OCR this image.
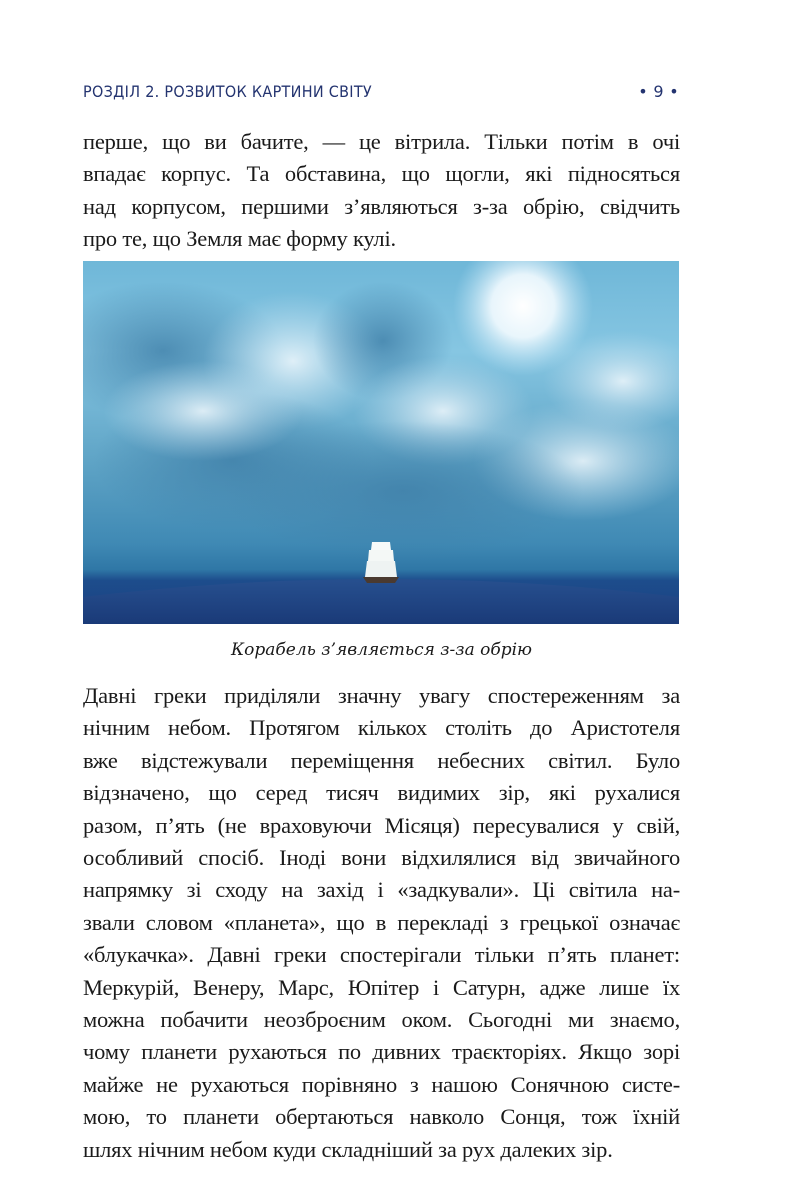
РОЗДІЛ 2. РОЗВИТОК КАРТИНИ СВІТУ	• 9 •

перше, що ви бачите, — це вітрила. Тільки потім в очі
впадає корпус. Та обставина, що щогли, які підносяться
над корпусом, першими з’являються з-за обрію, свідчить
про те, що Земля має форму кулі.

Корабель з’являється з-за обрію

Давні греки приділяли значну увагу спостереженням за
нічним небом. Протягом кількох століть до Аристотеля
вже відстежували переміщення небесних світил. Було
відзначено, що серед тисяч видимих зір, які рухалися
разом, п’ять (не враховуючи Місяця) пересувалися у свій,
особливий спосіб. Іноді вони відхилялися від звичайного
напрямку зі сходу на захід і «задкували». Ці світила на-
звали словом «планета», що в перекладі з грецької означає
«блукачка». Давні греки спостерігали тільки п’ять планет:
Меркурій, Венеру, Марс, Юпітер і Сатурн, адже лише їх
можна побачити неозброєним оком. Сьогодні ми знаємо,
чому планети рухаються по дивних траєкторіях. Якщо зорі
майже не рухаються порівняно з нашою Сонячною систе-
мою, то планети обертаються навколо Сонця, тож їхній
шлях нічним небом куди складніший за рух далеких зір.
